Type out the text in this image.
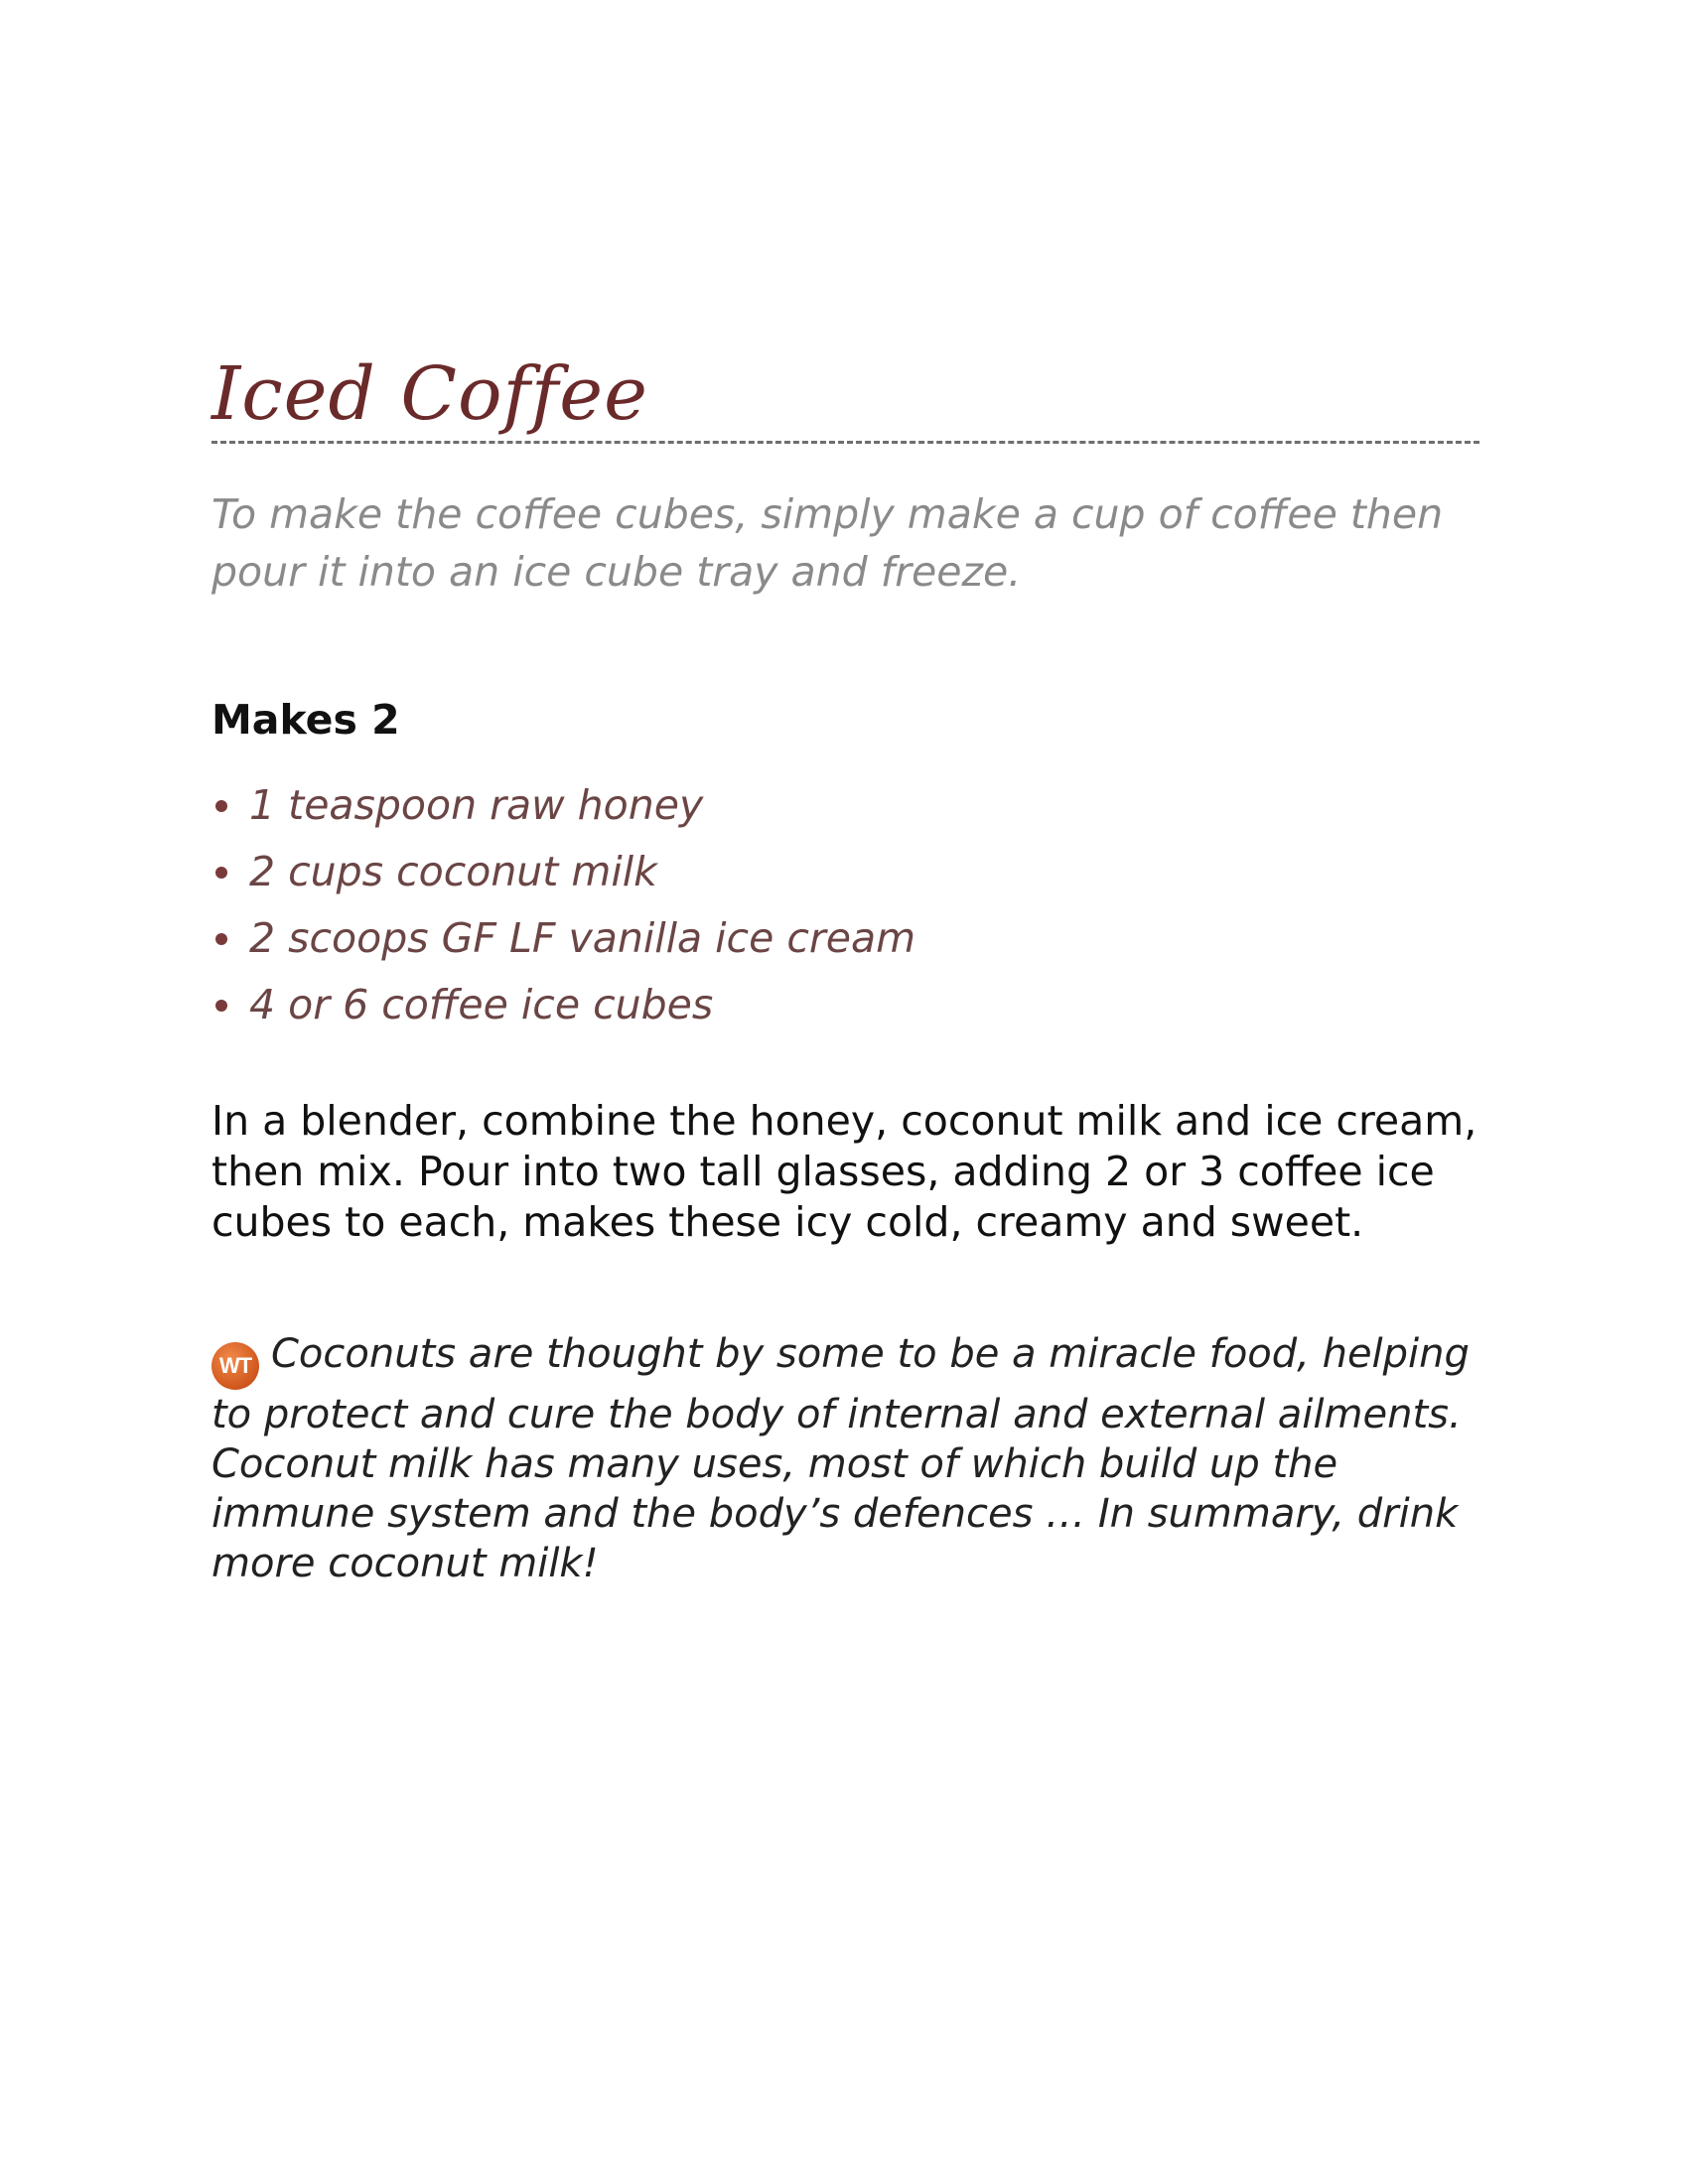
Iced Coffee

To make the coffee cubes, simply make a cup of coffee then pour it into an ice cube tray and freeze.

Makes 2
1 teaspoon raw honey
2 cups coconut milk
2 scoops GF LF vanilla ice cream
4 or 6 coffee ice cubes

In a blender, combine the honey, coconut milk and ice cream, then mix. Pour into two tall glasses, adding 2 or 3 coffee ice cubes to each, makes these icy cold, creamy and sweet.

WT Coconuts are thought by some to be a miracle food, helping to protect and cure the body of internal and external ailments. Coconut milk has many uses, most of which build up the immune system and the body’s defences … In summary, drink more coconut milk!
